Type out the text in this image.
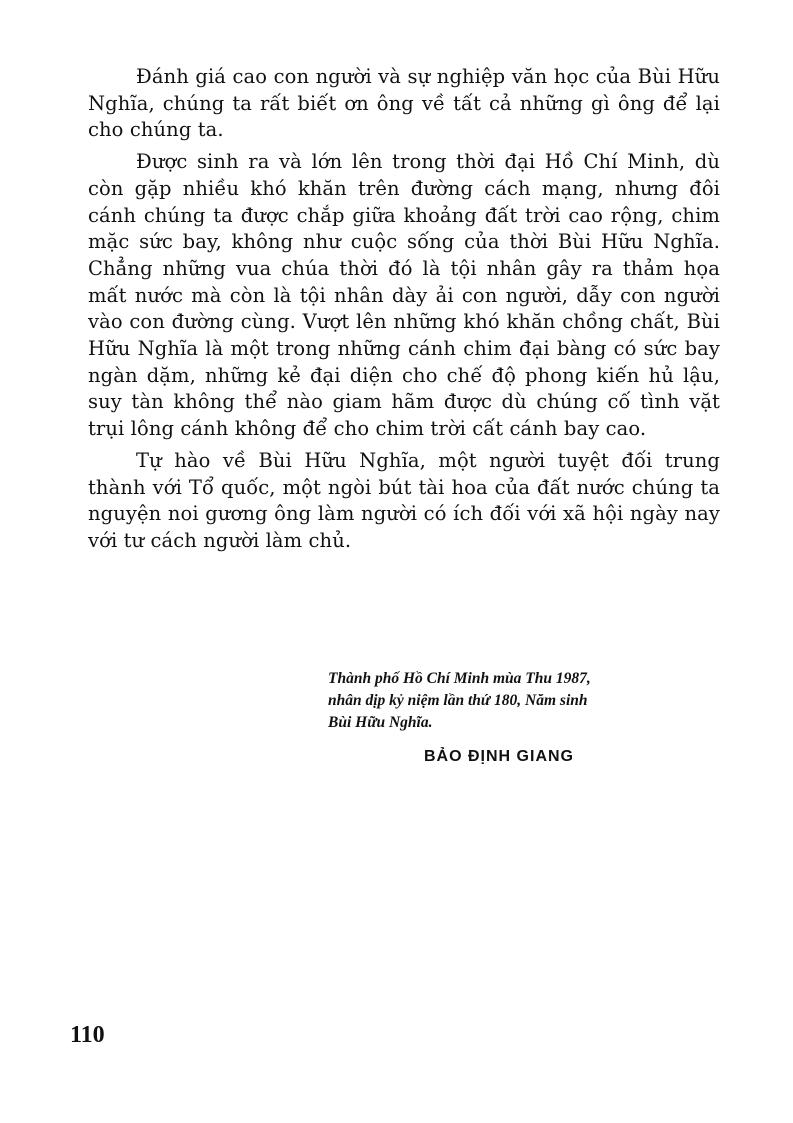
Đánh giá cao con người và sự nghiệp văn học của Bùi Hữu Nghĩa, chúng ta rất biết ơn ông về tất cả những gì ông để lại cho chúng ta.

Được sinh ra và lớn lên trong thời đại Hồ Chí Minh, dù còn gặp nhiều khó khăn trên đường cách mạng, nhưng đôi cánh chúng ta được chắp giữa khoảng đất trời cao rộng, chim mặc sức bay, không như cuộc sống của thời Bùi Hữu Nghĩa. Chẳng những vua chúa thời đó là tội nhân gây ra thảm họa mất nước mà còn là tội nhân dày ải con người, dẫy con người vào con đường cùng. Vượt lên những khó khăn chồng chất, Bùi Hữu Nghĩa là một trong những cánh chim đại bàng có sức bay ngàn dặm, những kẻ đại diện cho chế độ phong kiến hủ lậu, suy tàn không thể nào giam hãm được dù chúng cố tình vặt trụi lông cánh không để cho chim trời cất cánh bay cao.

Tự hào về Bùi Hữu Nghĩa, một người tuyệt đối trung thành với Tổ quốc, một ngòi bút tài hoa của đất nước chúng ta nguyện noi gương ông làm người có ích đối với xã hội ngày nay với tư cách người làm chủ.

Thành phố Hồ Chí Minh mùa Thu 1987,
nhân dịp kỷ niệm lần thứ 180, Năm sinh
Bùi Hữu Nghĩa.
BẢO ĐỊNH GIANG
110
